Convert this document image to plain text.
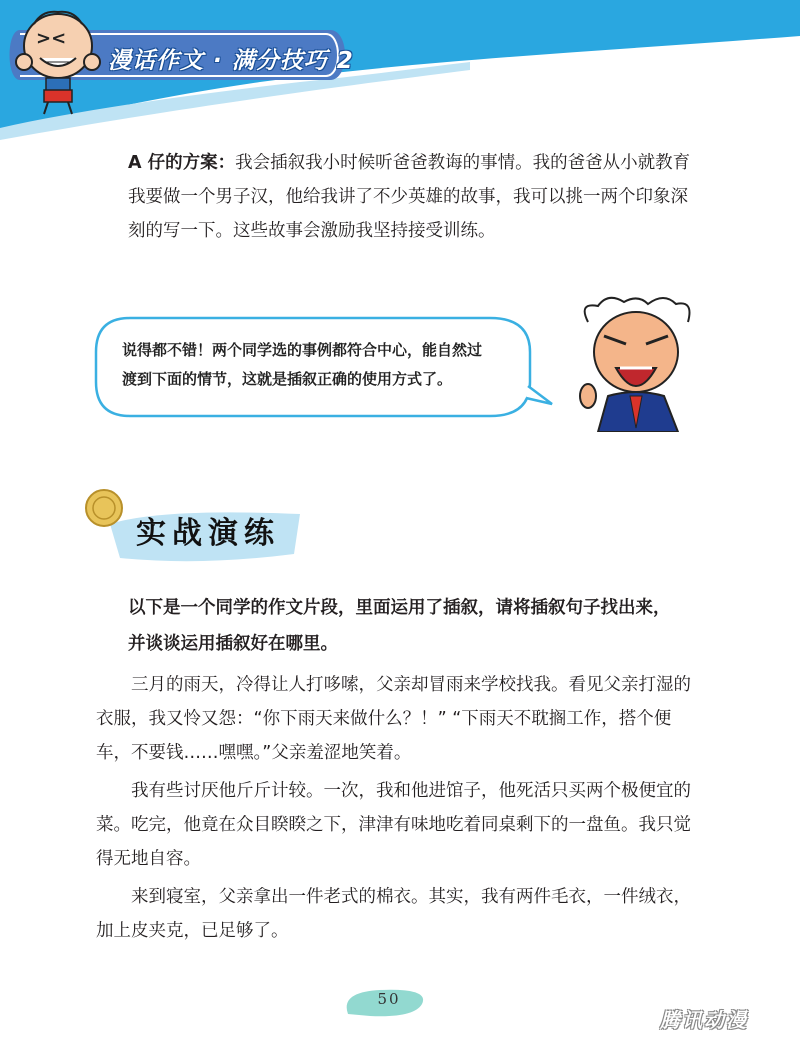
><
漫话作文 · 满分技巧 2

A 仔的方案：我会插叙我小时候听爸爸教诲的事情。我的爸爸从小就教育我要做一个男子汉，他给我讲了不少英雄的故事，我可以挑一两个印象深刻的写一下。这些故事会激励我坚持接受训练。

说得都不错！两个同学选的事例都符合中心，能自然过
渡到下面的情节，这就是插叙正确的使用方式了。
实战演练
以下是一个同学的作文片段，里面运用了插叙，请将插叙句子找出来，
并谈谈运用插叙好在哪里。

三月的雨天，冷得让人打哆嗦，父亲却冒雨来学校找我。看见父亲打湿的衣服，我又怜又怨：“你下雨天来做什么？！” “下雨天不耽搁工作，搭个便车，不要钱……嘿嘿。”父亲羞涩地笑着。

我有些讨厌他斤斤计较。一次，我和他进馆子，他死活只买两个极便宜的菜。吃完，他竟在众目睽睽之下，津津有味地吃着同桌剩下的一盘鱼。我只觉得无地自容。

来到寝室，父亲拿出一件老式的棉衣。其实，我有两件毛衣，一件绒衣，加上皮夹克，已足够了。

50
腾讯动漫
